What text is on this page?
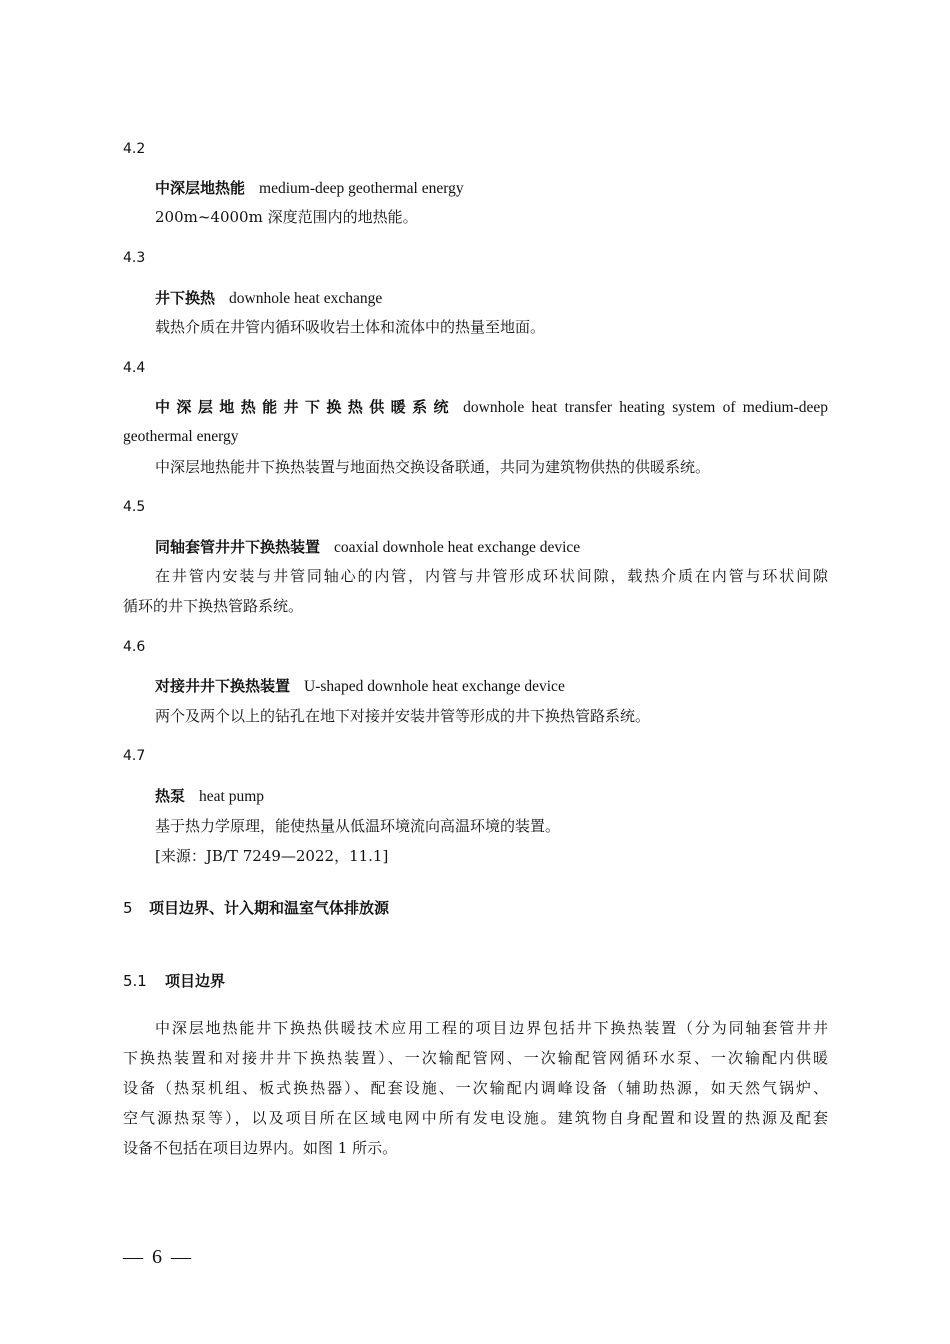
4.2
中深层地热能 medium-deep geothermal energy
200m~4000m 深度范围内的地热能。
4.3
井下换热 downhole heat exchange
载热介质在井管内循环吸收岩土体和流体中的热量至地面。
4.4
中深层地热能井下换热供暖系统 downhole heat transfer heating system of medium-deep
geothermal energy
中深层地热能井下换热装置与地面热交换设备联通，共同为建筑物供热的供暖系统。
4.5
同轴套管井井下换热装置 coaxial downhole heat exchange device
在井管内安装与井管同轴心的内管，内管与井管形成环状间隙，载热介质在内管与环状间隙
循环的井下换热管路系统。
4.6
对接井井下换热装置 U-shaped downhole heat exchange device
两个及两个以上的钻孔在地下对接并安装井管等形成的井下换热管路系统。
4.7
热泵 heat pump
基于热力学原理，能使热量从低温环境流向高温环境的装置。
[来源：JB/T 7249—2022，11.1]
5 项目边界、计入期和温室气体排放源
5.1 项目边界
中深层地热能井下换热供暖技术应用工程的项目边界包括井下换热装置（分为同轴套管井井
下换热装置和对接井井下换热装置）、一次输配管网、一次输配管网循环水泵、一次输配内供暖
设备（热泵机组、板式换热器）、配套设施、一次输配内调峰设备（辅助热源，如天然气锅炉、
空气源热泵等），以及项目所在区域电网中所有发电设施。建筑物自身配置和设置的热源及配套
设备不包括在项目边界内。如图 1 所示。
— 6 —
